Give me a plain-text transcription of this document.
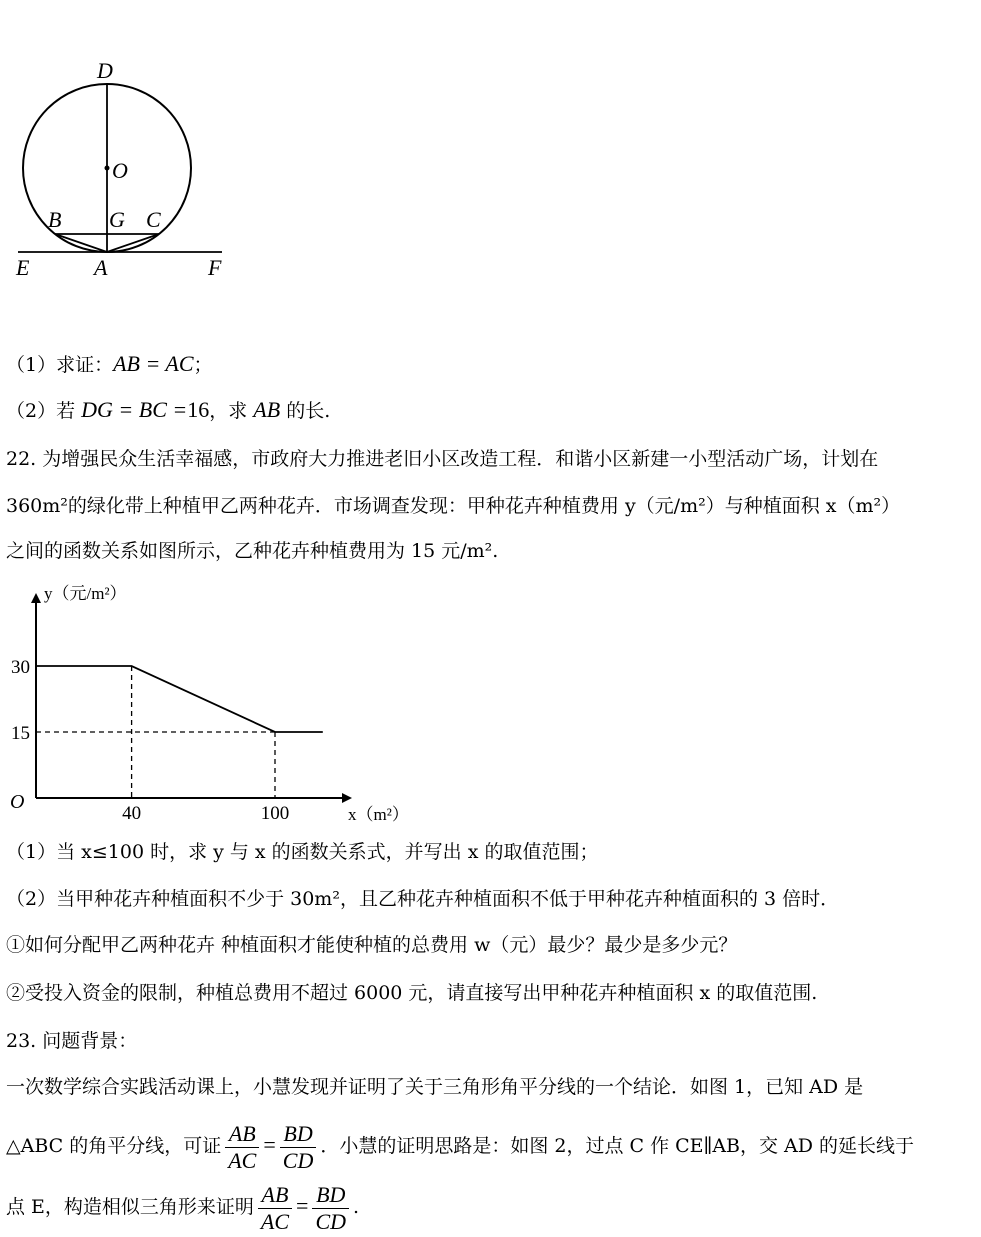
D
O
B G C
E	A	F
（1）求证：AB = AC；
（2）若 DG = BC =16，求 AB 的长.
22. 为增强民众生活幸福感，市政府大力推进老旧小区改造工程．和谐小区新建一小型活动广场，计划在
360m²的绿化带上种植甲乙两种花卉．市场调查发现：甲种花卉种植费用 y（元/m²）与种植面积 x（m²）
之间的函数关系如图所示，乙种花卉种植费用为 15 元/m².
30
15
40	100
O
y（元/m²）
x（m²）
（1）当 x≤100 时，求 y 与 x 的函数关系式，并写出 x 的取值范围；
（2）当甲种花卉种植面积不少于 30m²，且乙种花卉种植面积不低于甲种花卉种植面积的 3 倍时．
①如何分配甲乙两种花卉 种植面积才能使种植的总费用 w（元）最少？最少是多少元？
②受投入资金的限制，种植总费用不超过 6000 元，请直接写出甲种花卉种植面积 x 的取值范围.
23. 问题背景：
一次数学综合实践活动课上，小慧发现并证明了关于三角形角平分线的一个结论．如图 1，已知 AD 是
△ABC 的角平分线，可证 $\frac{AB}{AC} = \frac{BD}{CD}$ ．小慧的证明思路是：如图 2，过点 C 作 CE∥AB，交 AD 的延长线于
点 E，构造相似三角形来证明 $\frac{AB}{AC} = \frac{BD}{CD}$ .
